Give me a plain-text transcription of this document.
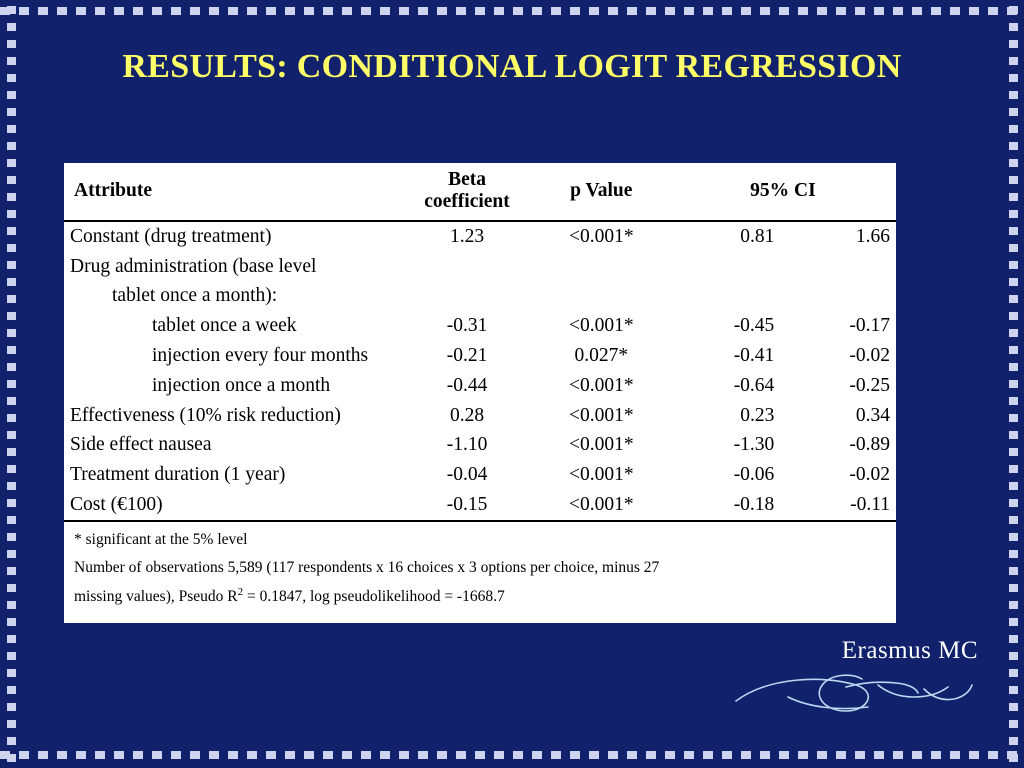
RESULTS: CONDITIONAL LOGIT REGRESSION
Attribute	Beta coefficient	p Value	95% CI	
Constant (drug treatment)	1.23	<0.001*	0.81	1.66
Drug administration (base level				
tablet once a month):				
tablet once a week	-0.31	<0.001*	-0.45	-0.17
injection every four months	-0.21	0.027*	-0.41	-0.02
injection once a month	-0.44	<0.001*	-0.64	-0.25
Effectiveness (10% risk reduction)	0.28	<0.001*	0.23	0.34
Side effect nausea	-1.10	<0.001*	-1.30	-0.89
Treatment duration (1 year)	-0.04	<0.001*	-0.06	-0.02
Cost (€100)	-0.15	<0.001*	-0.18	-0.11
* significant at the 5% level
Number of observations 5,589 (117 respondents x 16 choices x 3 options per choice, minus 27
missing values), Pseudo $R^2 = 0.1847$, log pseudolikelihood = -1668.7
Erasmus MC
